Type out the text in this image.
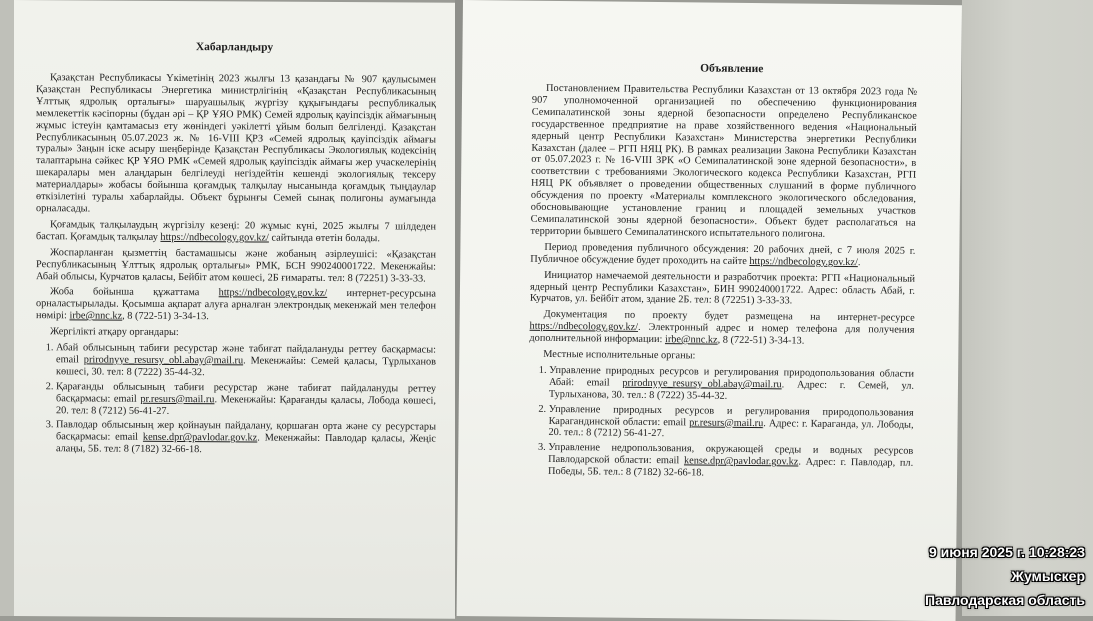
Хабарландыру

Қазақстан Республикасы Үкіметінің 2023 жылғы 13 қазандағы № 907 қаулысымен Қазақстан Республикасы Энергетика министрлігінің «Қазақстан Республикасының Ұлттық ядролық орталығы» шаруашылық жүргізу құқығындағы республикалық мемлекеттік кәсіпорны (бұдан әрі – ҚР ҰЯО РМК) Семей ядролық қауіпсіздік аймағының жұмыс істеуін қамтамасыз ету жөніндегі уәкілетті ұйым болып белгіленді. Қазақстан Республикасының 05.07.2023 ж. № 16-VIII ҚРЗ «Семей ядролық қауіпсіздік аймағы туралы» Заңын іске асыру шеңберінде Қазақстан Республикасы Экологиялық кодексінің талаптарына сәйкес ҚР ҰЯО РМК «Семей ядролық қауіпсіздік аймағы жер учаскелерінің шекаралары мен алаңдарын белгілеуді негіздейтін кешенді экологиялық тексеру материалдары» жобасы бойынша қоғамдық талқылау нысанында қоғамдық тыңдаулар өткізілетіні туралы хабарлайды. Объект бұрынғы Семей сынақ полигоны аумағында орналасады.

Қоғамдық талқылаудың жүргізілу кезеңі: 20 жұмыс күні, 2025 жылғы 7 шілдеден бастап. Қоғамдық талқылау https://ndbecology.gov.kz/ сайтында өтетін болады.

Жоспарланған қызметтің бастамашысы және жобаның әзірлеушісі: «Қазақстан Республикасының Ұлттық ядролық орталығы» РМК, БСН 990240001722. Мекенжайы: Абай облысы, Курчатов қаласы, Бейбіт атом көшесі, 2Б ғимараты. тел: 8 (72251) 3-33-33.

Жоба бойынша құжаттама https://ndbecology.gov.kz/ интернет-ресурсына орналастырылады. Қосымша ақпарат алуға арналған электрондық мекенжай мен телефон нөмірі: irbe@nnc.kz, 8 (722-51) 3-34-13.

Жергілікті атқару органдары:

1. Абай облысының табиғи ресурстар және табиғат пайдалануды реттеу басқармасы: email prirodnyye_resursy_obl.abay@mail.ru. Мекенжайы: Семей қаласы, Тұрлыханов көшесі, 30. тел: 8 (7222) 35-44-32.
2. Қарағанды облысының табиғи ресурстар және табиғат пайдалануды реттеу басқармасы: email pr.resurs@mail.ru. Мекенжайы: Қарағанды қаласы, Лобода көшесі, 20. тел: 8 (7212) 56-41-27.
3. Павлодар облысының жер қойнауын пайдалану, қоршаған орта және су ресурстары басқармасы: email kense.dpr@pavlodar.gov.kz. Мекенжайы: Павлодар қаласы, Жеңіс алаңы, 5Б. тел: 8 (7182) 32-66-18.
Объявление

Постановлением Правительства Республики Казахстан от 13 октября 2023 года № 907 уполномоченной организацией по обеспечению функционирования Семипалатинской зоны ядерной безопасности определено Республиканское государственное предприятие на праве хозяйственного ведения «Национальный ядерный центр Республики Казахстан» Министерства энергетики Республики Казахстан (далее – РГП НЯЦ РК). В рамках реализации Закона Республики Казахстан от 05.07.2023 г. № 16-VIII ЗРК «О Семипалатинской зоне ядерной безопасности», в соответствии с требованиями Экологического кодекса Республики Казахстан, РГП НЯЦ РК объявляет о проведении общественных слушаний в форме публичного обсуждения по проекту «Материалы комплексного экологического обследования, обосновывающие установление границ и площадей земельных участков Семипалатинской зоны ядерной безопасности». Объект будет располагаться на территории бывшего Семипалатинского испытательного полигона.

Период проведения публичного обсуждения: 20 рабочих дней, с 7 июля 2025 г. Публичное обсуждение будет проходить на сайте https://ndbecology.gov.kz/.

Инициатор намечаемой деятельности и разработчик проекта: РГП «Национальный ядерный центр Республики Казахстан», БИН 990240001722. Адрес: область Абай, г. Курчатов, ул. Бейбіт атом, здание 2Б. тел: 8 (72251) 3-33-33.

Документация по проекту будет размещена на интернет-ресурсе https://ndbecology.gov.kz/. Электронный адрес и номер телефона для получения дополнительной информации: irbe@nnc.kz, 8 (722-51) 3-34-13.

Местные исполнительные органы:

1. Управление природных ресурсов и регулирования природопользования области Абай: email prirodnyye_resursy_obl.abay@mail.ru. Адрес: г. Семей, ул. Турлыханова, 30. тел.: 8 (7222) 35-44-32.
2. Управление природных ресурсов и регулирования природопользования Карагандинской области: email pr.resurs@mail.ru. Адрес: г. Караганда, ул. Лободы, 20. тел.: 8 (7212) 56-41-27.
3. Управление недропользования, окружающей среды и водных ресурсов Павлодарской области: email kense.dpr@pavlodar.gov.kz. Адрес: г. Павлодар, пл. Победы, 5Б. тел.: 8 (7182) 32-66-18.
9 июня 2025 г. 10:28:23
Жумыскер
Павлодарская область
